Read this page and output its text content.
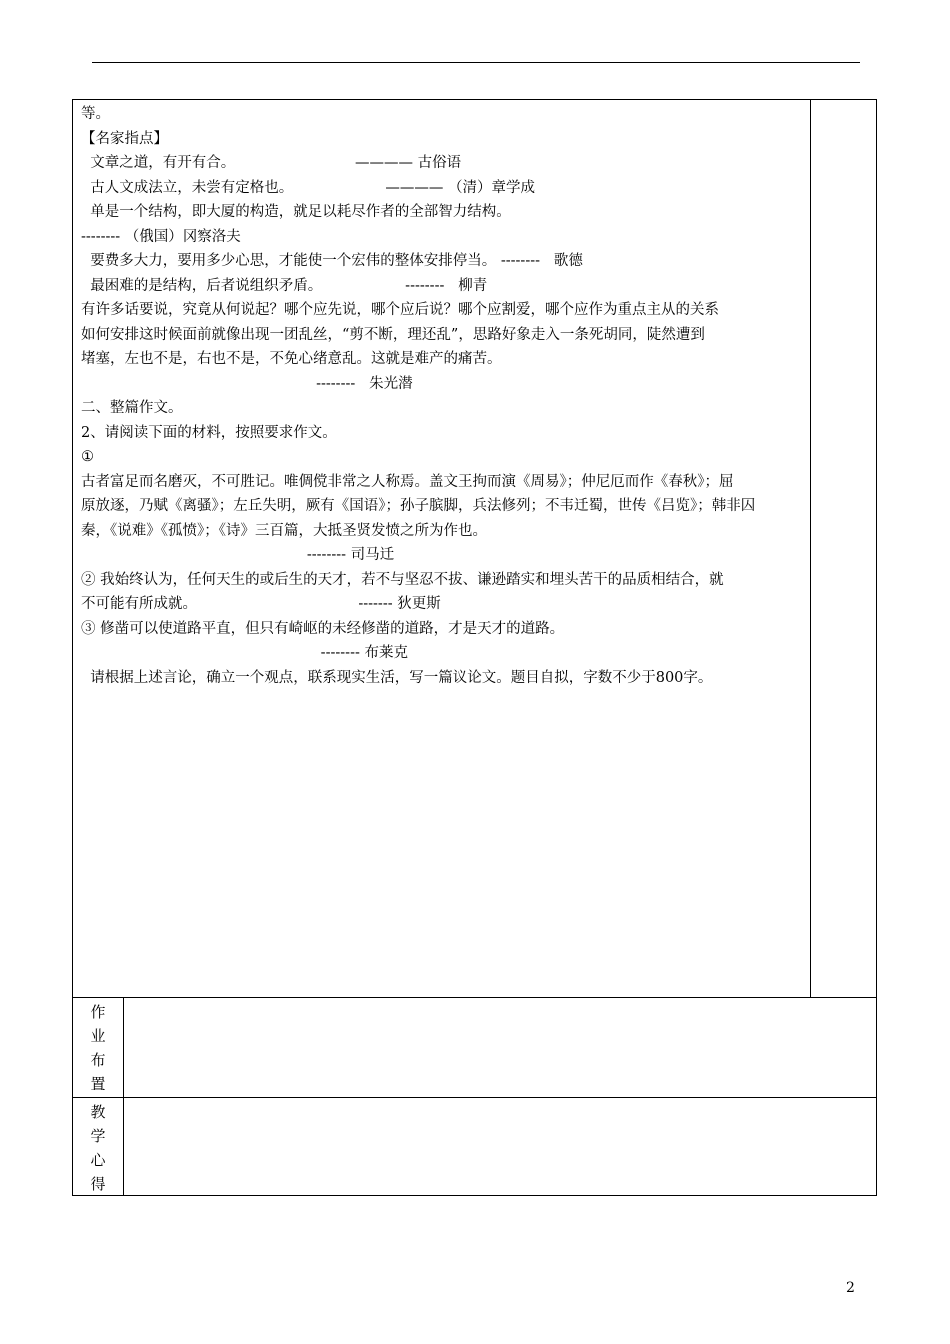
等。
【名家指点】
文章之道，有开有合。                          ———— 古俗语
古人文成法立，未尝有定格也。                    ———— （清）章学成
单是一个结构，即大厦的构造，就足以耗尽作者的全部智力结构。
-------- （俄国）冈察洛夫
要费多大力，要用多少心思，才能使一个宏伟的整体安排停当。 --------   歌德
最困难的是结构，后者说组织矛盾。                  --------   柳青
有许多话要说，究竟从何说起？哪个应先说，哪个应后说？哪个应割爱，哪个应作为重点主从的关系
如何安排这时候面前就像出现一团乱丝，“剪不断，理还乱”，思路好象走入一条死胡同，陡然遭到
堵塞，左也不是，右也不是，不免心绪意乱。这就是难产的痛苦。
--------   朱光潜
二、整篇作文。
2、请阅读下面的材料，按照要求作文。
①
古者富足而名磨灭，不可胜记。唯倜傥非常之人称焉。盖文王拘而演《周易》；仲尼厄而作《春秋》；屈
原放逐，乃赋《离骚》；左丘失明，厥有《国语》；孙子膑脚，兵法修列；不韦迁蜀，世传《吕览》；韩非囚
秦，《说难》《孤愤》；《诗》三百篇，大抵圣贤发愤之所为作也。
-------- 司马迁
② 我始终认为，任何天生的或后生的天才，若不与坚忍不拔、谦逊踏实和埋头苦干的品质相结合，就
不可能有所成就。                                   ------- 狄更斯
③ 修凿可以使道路平直，但只有崎岖的未经修凿的道路，才是天才的道路。
-------- 布莱克
请根据上述言论，确立一个观点，联系现实生活，写一篇议论文。题目自拟，字数不少于800字。
作
业
布
置
教
学
心
得
2
